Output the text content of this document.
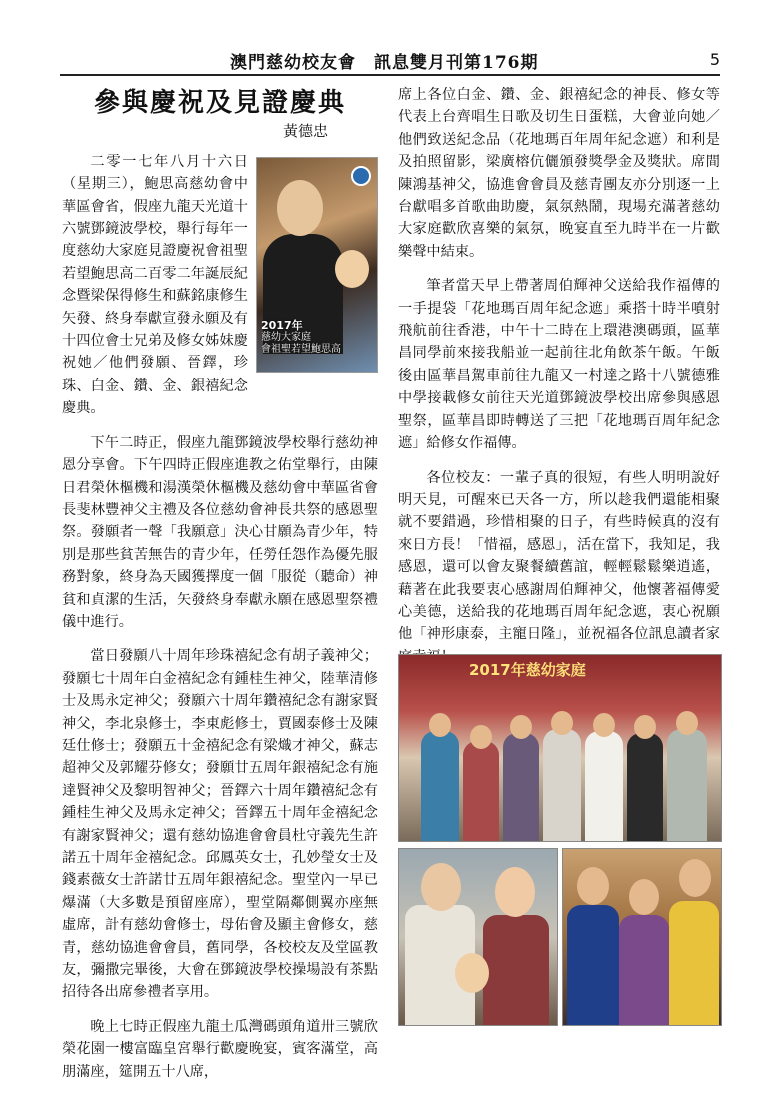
澳門慈幼校友會　訊息雙月刊第176期	5
參與慶祝及見證慶典
黃德忠
2017年
慈幼大家庭
會祖聖若望鮑思高

二零一七年八月十六日（星期三），鮑思高慈幼會中華區會省，假座九龍天光道十六號鄧鏡波學校，舉行每年一度慈幼大家庭見證慶祝會祖聖若望鮑思高二百零二年誕辰紀念暨梁保得修生和蘇銘康修生矢發、終身奉獻宣發永願及有十四位會士兄弟及修女姊妹慶祝她／他們發願、晉鐸，珍珠、白金、鑽、金、銀禧紀念慶典。

下午二時正，假座九龍鄧鏡波學校舉行慈幼神恩分享會。下午四時正假座進教之佑堂舉行，由陳日君榮休樞機和湯漢榮休樞機及慈幼會中華區省會長斐林豐神父主禮及各位慈幼會神長共祭的感恩聖祭。發願者一聲「我願意」決心甘願為青少年，特別是那些貧苦無告的青少年，任勞任怨作為優先服務對象，終身為天國獲擇度一個「服從（聽命）神貧和貞潔的生活，矢發終身奉獻永願在感恩聖祭禮儀中進行。

當日發願八十周年珍珠禧紀念有胡子義神父；發願七十周年白金禧紀念有鍾桂生神父，陸華清修士及馬永定神父；發願六十周年鑽禧紀念有謝家賢神父，李北泉修士，李東彪修士，賈國泰修士及陳廷仕修士；發願五十金禧紀念有梁熾才神父，蘇志超神父及郭耀芬修女；發願廿五周年銀禧紀念有施達賢神父及黎明智神父；晉鐸六十周年鑽禧紀念有鍾桂生神父及馬永定神父；晉鐸五十周年金禧紀念有謝家賢神父；還有慈幼協進會會員杜守義先生許諾五十周年金禧紀念。邱鳳英女士，孔妙瑩女士及錢素薇女士許諾廿五周年銀禧紀念。聖堂內一早已爆滿（大多數是預留座席），聖堂隔鄰側翼亦座無虛席，計有慈幼會修士，母佑會及顯主會修女，慈青，慈幼協進會會員，舊同學，各校校友及堂區教友，彌撒完畢後，大會在鄧鏡波學校操場設有茶點招待各出席參禮者享用。

晚上七時正假座九龍土瓜灣碼頭角道卅三號欣榮花園一樓富臨皇宮舉行歡慶晚宴，賓客滿堂，高朋滿座，筵開五十八席，

席上各位白金、鑽、金、銀禧紀念的神長、修女等代表上台齊唱生日歌及切生日蛋糕，大會並向她／他們致送紀念品（花地瑪百年周年紀念遮）和利是及拍照留影，梁廣榕伉儷頒發獎學金及獎狀。席間陳鴻基神父，協進會會員及慈青團友亦分別逐一上台獻唱多首歌曲助慶，氣氛熱鬧，現場充滿著慈幼大家庭歡欣喜樂的氣氛，晚宴直至九時半在一片歡樂聲中結束。

筆者當天早上帶著周伯輝神父送給我作福傳的一手提袋「花地瑪百周年紀念遮」乘搭十時半噴射飛航前往香港，中午十二時在上環港澳碼頭，區華昌同學前來接我船並一起前往北角飲茶午飯。午飯後由區華昌駕車前往九龍又一村達之路十八號德雅中學接載修女前往天光道鄧鏡波學校出席參與感恩聖祭，區華昌即時轉送了三把「花地瑪百周年紀念遮」給修女作福傳。

各位校友：一輩子真的很短，有些人明明說好明天見，可醒來已天各一方，所以趁我們還能相聚就不要錯過，珍惜相聚的日子，有些時候真的沒有來日方長！「惜福，感恩」，活在當下，我知足，我感恩，還可以會友聚餐續舊誼，輕輕鬆鬆樂逍遙，藉著在此我要衷心感謝周伯輝神父，他懷著福傳愛心美德，送給我的花地瑪百周年紀念遮，衷心祝願他「神形康泰，主寵日隆」，並祝福各位訊息讀者家

2017年慈幼家庭
